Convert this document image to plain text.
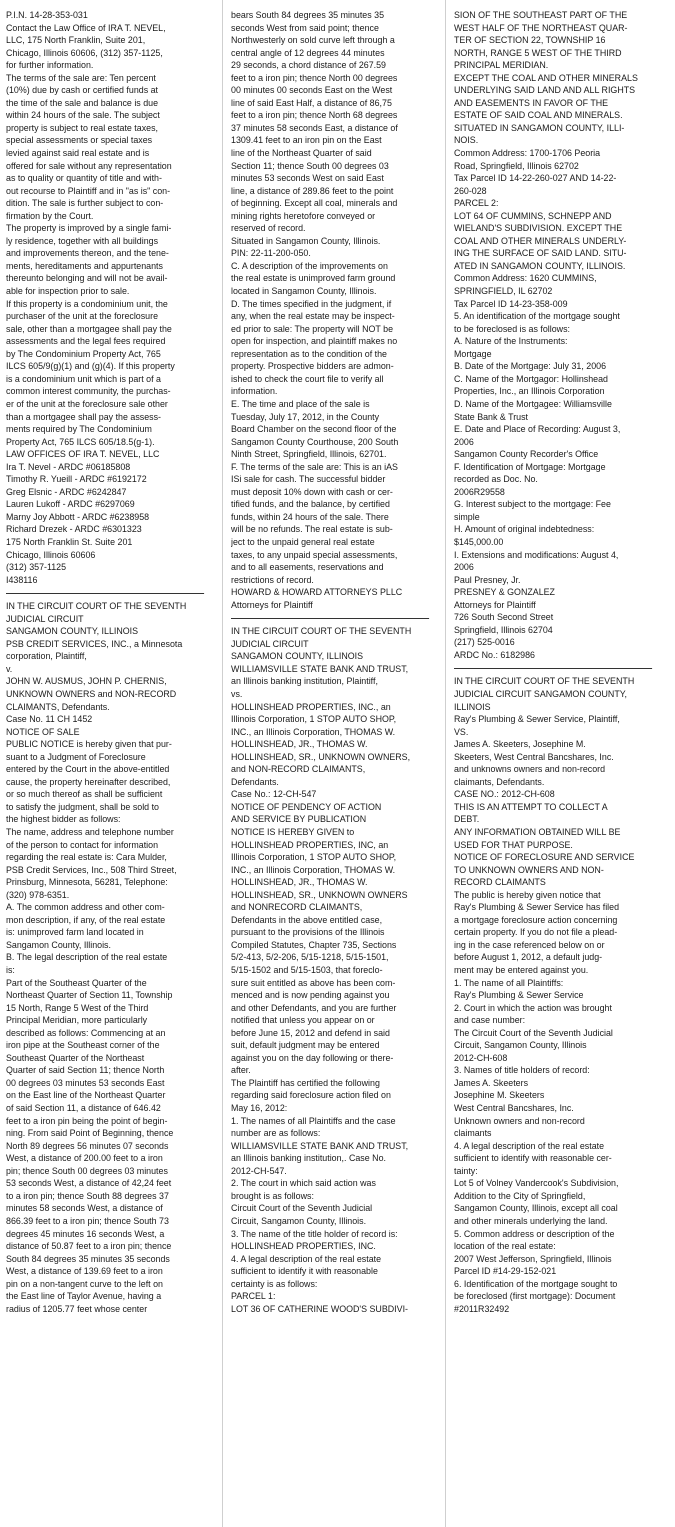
P.I.N. 14-28-353-031
Contact the Law Office of IRA T. NEVEL,
LLC, 175 North Franklin, Suite 201,
Chicago, Illinois 60606, (312) 357-1125,
for further information.
The terms of the sale are: Ten percent
(10%) due by cash or certified funds at
the time of the sale and balance is due
within 24 hours of the sale. The subject
property is subject to real estate taxes,
special assessments or special taxes
levied against said real estate and is
offered for sale without any representation
as to quality or quantity of title and with-
out recourse to Plaintiff and in "as is" con-
dition. The sale is further subject to con-
firmation by the Court.
The property is improved by a single fami-
ly residence, together with all buildings
and improvements thereon, and the tene-
ments, hereditaments and appurtenants
thereunto belonging and will not be avail-
able for inspection prior to sale.
If this property is a condominium unit, the
purchaser of the unit at the foreclosure
sale, other than a mortgagee shall pay the
assessments and the legal fees required
by The Condominium Property Act, 765
ILCS 605/9(g)(1) and (g)(4). If this property
is a condominium unit which is part of a
common interest community, the purchas-
er of the unit at the foreclosure sale other
than a mortgagee shall pay the assess-
ments required by The Condominium
Property Act, 765 ILCS 605/18.5(g-1).
LAW OFFICES OF IRA T. NEVEL, LLC
Ira T. Nevel - ARDC #06185808
Timothy R. Yueill - ARDC #6192172
Greg Elsnic - ARDC #6242847
Lauren Lukoff - ARDC #6297069
Marny Joy Abbott - ARDC #6238958
Richard Drezek - ARDC #6301323
175 North Franklin St. Suite 201
Chicago, Illinois 60606
(312) 357-1125
I438116
IN THE CIRCUIT COURT OF THE SEVENTH
JUDICIAL CIRCUIT
SANGAMON COUNTY, ILLINOIS
PSB CREDIT SERVICES, INC., a Minnesota
corporation, Plaintiff,
v.
JOHN W. AUSMUS, JOHN P. CHERNIS,
UNKNOWN OWNERS and NON-RECORD
CLAIMANTS, Defendants.
Case No. 11 CH 1452
NOTICE OF SALE
PUBLIC NOTICE is hereby given that pur-
suant to a Judgment of Foreclosure
entered by the Court in the above-entitled
cause, the property hereinafter described,
or so much thereof as shall be sufficient
to satisfy the judgment, shall be sold to
the highest bidder as follows:
The name, address and telephone number
of the person to contact for information
regarding the real estate is: Cara Mulder,
PSB Credit Services, Inc., 508 Third Street,
Prinsburg, Minnesota, 56281, Telephone:
(320) 978-6351.
A. The common address and other com-
mon description, if any, of the real estate
is: unimproved farm land located in
Sangamon County, Illinois.
B. The legal description of the real estate
is:
Part of the Southeast Quarter of the
Northeast Quarter of Section 11, Township
15 North, Range 5 West of the Third
Principal Meridian, more particularly
described as follows: Commencing at an
iron pipe at the Southeast corner of the
Southeast Quarter of the Northeast
Quarter of said Section 11; thence North
00 degrees 03 minutes 53 seconds East
on the East line of the Northeast Quarter
of said Section 11, a distance of 646.42
feet to a iron pin being the point of begin-
ning. From said Point of Beginning, thence
North 89 degrees 56 minutes 07 seconds
West, a distance of 200.00 feet to a iron
pin; thence South 00 degrees 03 minutes
53 seconds West, a distance of 42,24 feet
to a iron pin; thence South 88 degrees 37
minutes 58 seconds West, a distance of
866.39 feet to a iron pin; thence South 73
degrees 45 minutes 16 seconds West, a
distance of 50.87 feet to a iron pin; thence
South 84 degrees 35 minutes 35 seconds
West, a distance of 139.69 feet to a iron
pin on a non-tangent curve to the left on
the East line of Taylor Avenue, having a
radius of 1205.77 feet whose center
bears South 84 degrees 35 minutes 35
seconds West from said point; thence
Northwesterly on sold curve left through a
central angle of 12 degrees 44 minutes
29 seconds, a chord distance of 267.59
feet to a iron pin; thence North 00 degrees
00 minutes 00 seconds East on the West
line of said East Half, a distance of 86,75
feet to a iron pin; thence North 68 degrees
37 minutes 58 seconds East, a distance of
1309.41 feet to an iron pin on the East
line of the Northeast Quarter of said
Section 11; thence South 00 degrees 03
minutes 53 seconds West on said East
line, a distance of 289.86 feet to the point
of beginning. Except all coal, minerals and
mining rights heretofore conveyed or
reserved of record.
Situated in Sangamon County, Illinois.
PIN: 22-11-200-050.
C. A description of the improvements on
the real estate is unimproved farm ground
located in Sangamon County, Illinois.
D. The times specified in the judgment, if
any, when the real estate may be inspect-
ed prior to sale: The property will NOT be
open for inspection, and plaintiff makes no
representation as to the condition of the
property. Prospective bidders are admon-
ished to check the court file to verify all
information.
E. The time and place of the sale is
Tuesday, July 17, 2012, in the County
Board Chamber on the second floor of the
Sangamon County Courthouse, 200 South
Ninth Street, Springfield, Illinois, 62701.
F. The terms of the sale are: This is an iAS
ISi sale for cash. The successful bidder
must deposit 10% down with cash or cer-
tified funds, and the balance, by certified
funds, within 24 hours of the sale. There
will be no refunds. The real estate is sub-
ject to the unpaid general real estate
taxes, to any unpaid special assessments,
and to all easements, reservations and
restrictions of record.
HOWARD & HOWARD ATTORNEYS PLLC
Attorneys for Plaintiff
IN THE CIRCUIT COURT OF THE SEVENTH
JUDICIAL CIRCUIT
SANGAMON COUNTY, ILLINOIS
WILLIAMSVILLE STATE BANK AND TRUST,
an Illinois banking institution, Plaintiff,
vs.
HOLLINSHEAD PROPERTIES, INC., an
Illinois Corporation, 1 STOP AUTO SHOP,
INC., an Illinois Corporation, THOMAS W.
HOLLINSHEAD, JR., THOMAS W.
HOLLINSHEAD, SR., UNKNOWN OWNERS,
and NON-RECORD CLAIMANTS,
Defendants.
Case No.: 12-CH-547
NOTICE OF PENDENCY OF ACTION
AND SERVICE BY PUBLICATION
NOTICE IS HEREBY GIVEN to
HOLLINSHEAD PROPERTIES, INC, an
Illinois Corporation, 1 STOP AUTO SHOP,
INC., an Illinois Corporation, THOMAS W.
HOLLINSHEAD, JR., THOMAS W.
HOLLINSHEAD, SR., UNKNOWN OWNERS
and NONRECORD CLAIMANTS,
Defendants in the above entitled case,
pursuant to the provisions of the Illinois
Compiled Statutes, Chapter 735, Sections
5/2-413, 5/2-206, 5/15-1218, 5/15-1501,
5/15-1502 and 5/15-1503, that foreclo-
sure suit entitled as above has been com-
menced and is now pending against you
and other Defendants, and you are further
notified that unless you appear on or
before June 15, 2012 and defend in said
suit, default judgment may be entered
against you on the day following or there-
after.
The Plaintiff has certified the following
regarding said foreclosure action filed on
May 16, 2012:
1. The names of all Plaintiffs and the case
number are as follows:
WILLIAMSVILLE STATE BANK AND TRUST,
an Illinois banking institution,. Case No.
2012-CH-547.
2. The court in which said action was
brought is as follows:
Circuit Court of the Seventh Judicial
Circuit, Sangamon County, Illinois.
3. The name of the title holder of record is:
HOLLINSHEAD PROPERTIES, INC.
4. A legal description of the real estate
sufficient to identify it with reasonable
certainty is as follows:
PARCEL 1:
LOT 36 OF CATHERINE WOOD'S SUBDIVI-
SION OF THE SOUTHEAST PART OF THE
WEST HALF OF THE NORTHEAST QUAR-
TER OF SECTION 22, TOWNSHIP 16
NORTH, RANGE 5 WEST OF THE THIRD
PRINCIPAL MERIDIAN.
EXCEPT THE COAL AND OTHER MINERALS
UNDERLYING SAID LAND AND ALL RIGHTS
AND EASEMENTS IN FAVOR OF THE
ESTATE OF SAID COAL AND MINERALS.
SITUATED IN SANGAMON COUNTY, ILLI-
NOIS.
Common Address: 1700-1706 Peoria
Road, Springfield, Illinois 62702
Tax Parcel ID 14-22-260-027 AND 14-22-
260-028
PARCEL 2:
LOT 64 OF CUMMINS, SCHNEPP AND
WIELAND'S SUBDIVISION. EXCEPT THE
COAL AND OTHER MINERALS UNDERLY-
ING THE SURFACE OF SAID LAND. SITU-
ATED IN SANGAMON COUNTY, ILLINOIS.
Common Address: 1620 CUMMINS,
SPRINGFIELD, IL 62702
Tax Parcel ID 14-23-358-009
5. An identification of the mortgage sought
to be foreclosed is as follows:
A. Nature of the Instruments:
Mortgage
B. Date of the Mortgage: July 31, 2006
C. Name of the Mortgagor: Hollinshead
Properties, Inc., an Illinois Corporation
D. Name of the Mortgagee: Williamsville
State Bank & Trust
E. Date and Place of Recording: August 3,
2006
Sangamon County Recorder's Office
F. Identification of Mortgage: Mortgage
recorded as Doc. No.
2006R29558
G. Interest subject to the mortgage: Fee
simple
H. Amount of original indebtedness:
$145,000.00
I. Extensions and modifications: August 4,
2006
Paul Presney, Jr.
PRESNEY & GONZALEZ
Attorneys for Plaintiff
726 South Second Street
Springfield, Illinois 62704
(217) 525-0016
ARDC No.: 6182986
IN THE CIRCUIT COURT OF THE SEVENTH
JUDICIAL CIRCUIT SANGAMON COUNTY,
ILLINOIS
Ray's Plumbing & Sewer Service, Plaintiff,
VS.
James A. Skeeters, Josephine M.
Skeeters, West Central Bancshares, Inc.
and unknowns owners and non-record
claimants, Defendants.
CASE NO.: 2012-CH-608
THIS IS AN ATTEMPT TO COLLECT A
DEBT.
ANY INFORMATION OBTAINED WILL BE
USED FOR THAT PURPOSE.
NOTICE OF FORECLOSURE AND SERVICE
TO UNKNOWN OWNERS AND NON-
RECORD CLAIMANTS
The public is hereby given notice that
Ray's Plumbing & Sewer Service has filed
a mortgage foreclosure action concerning
certain property. If you do not file a plead-
ing in the case referenced below on or
before August 1, 2012, a default judg-
ment may be entered against you.
1. The name of all Plaintiffs:
Ray's Plumbing & Sewer Service
2. Court in which the action was brought
and case number:
The Circuit Court of the Seventh Judicial
Circuit, Sangamon County, Illinois
2012-CH-608
3. Names of title holders of record:
James A. Skeeters
Josephine M. Skeeters
West Central Bancshares, Inc.
Unknown owners and non-record
claimants
4. A legal description of the real estate
sufficient to identify with reasonable cer-
tainty:
Lot 5 of Volney Vandercook's Subdivision,
Addition to the City of Springfield,
Sangamon County, Illinois, except all coal
and other minerals underlying the land.
5. Common address or description of the
location of the real estate:
2007 West Jefferson, Springfield, Illinois
Parcel ID #14-29-152-021
6. Identification of the mortgage sought to
be foreclosed (first mortgage): Document
#2011R32492
